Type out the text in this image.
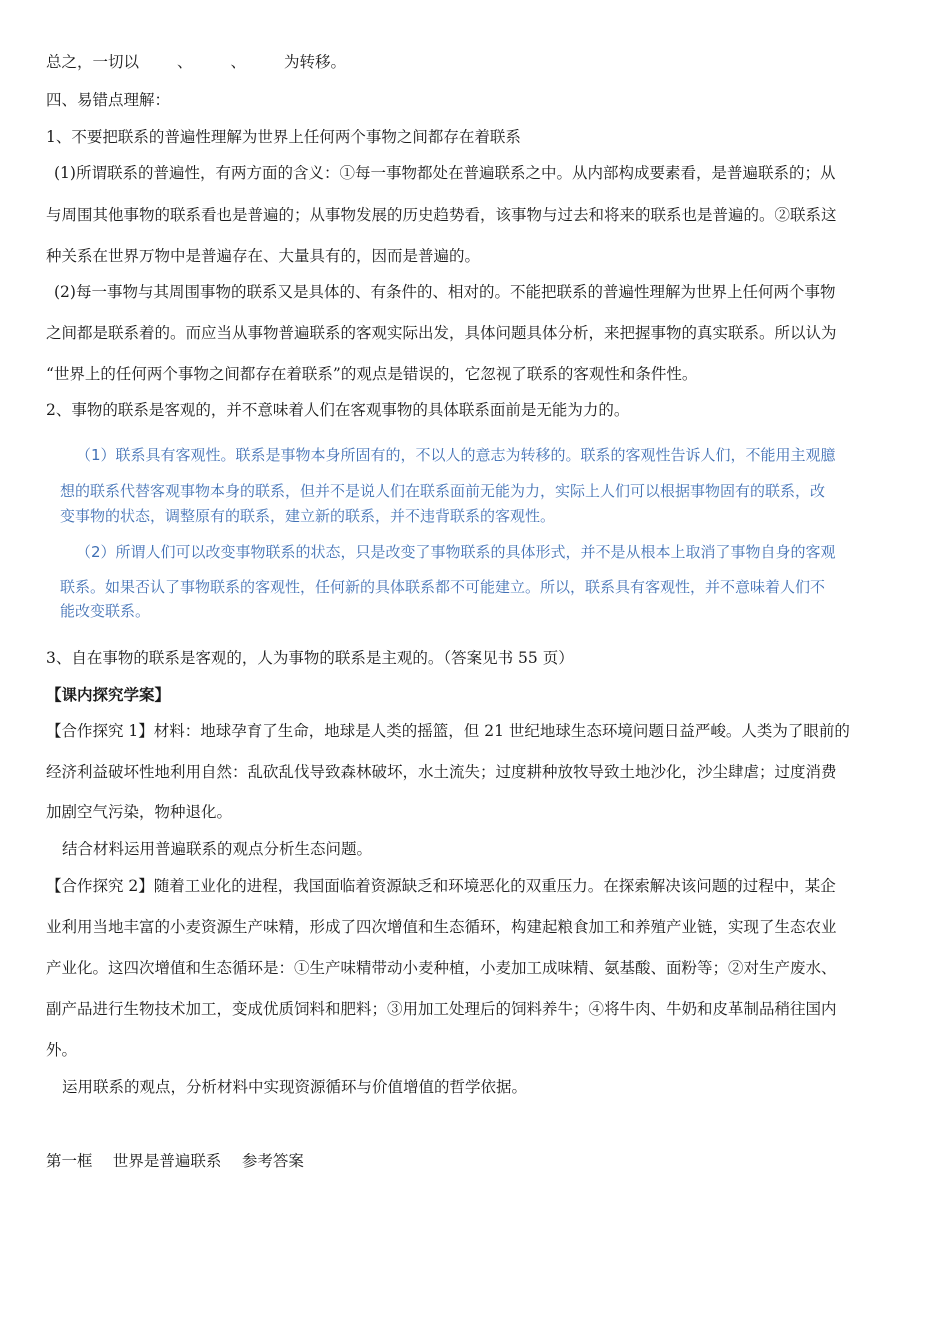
总之，一切以 、 、 为转移。
四、易错点理解：
1、不要把联系的普遍性理解为世界上任何两个事物之间都存在着联系
(1)所谓联系的普遍性，有两方面的含义：①每一事物都处在普遍联系之中。从内部构成要素看，是普遍联系的；从
与周围其他事物的联系看也是普遍的；从事物发展的历史趋势看，该事物与过去和将来的联系也是普遍的。②联系这
种关系在世界万物中是普遍存在、大量具有的，因而是普遍的。
(2)每一事物与其周围事物的联系又是具体的、有条件的、相对的。不能把联系的普遍性理解为世界上任何两个事物
之间都是联系着的。而应当从事物普遍联系的客观实际出发，具体问题具体分析，来把握事物的真实联系。所以认为
“世界上的任何两个事物之间都存在着联系”的观点是错误的，它忽视了联系的客观性和条件性。
2、事物的联系是客观的，并不意味着人们在客观事物的具体联系面前是无能为力的。
（1）联系具有客观性。联系是事物本身所固有的，不以人的意志为转移的。联系的客观性告诉人们，不能用主观臆
想的联系代替客观事物本身的联系，但并不是说人们在联系面前无能为力，实际上人们可以根据事物固有的联系，改
变事物的状态，调整原有的联系，建立新的联系，并不违背联系的客观性。
（2）所谓人们可以改变事物联系的状态，只是改变了事物联系的具体形式，并不是从根本上取消了事物自身的客观
联系。如果否认了事物联系的客观性，任何新的具体联系都不可能建立。所以，联系具有客观性，并不意味着人们不
能改变联系。
3、自在事物的联系是客观的，人为事物的联系是主观的。（答案见书 55 页）
【课内探究学案】
【合作探究 1】材料：地球孕育了生命，地球是人类的摇篮，但 21 世纪地球生态环境问题日益严峻。人类为了眼前的
经济利益破坏性地利用自然：乱砍乱伐导致森林破坏，水土流失；过度耕种放牧导致土地沙化，沙尘肆虐；过度消费
加剧空气污染，物种退化。
结合材料运用普遍联系的观点分析生态问题。
【合作探究 2】随着工业化的进程，我国面临着资源缺乏和环境恶化的双重压力。在探索解决该问题的过程中，某企
业利用当地丰富的小麦资源生产味精，形成了四次增值和生态循环，构建起粮食加工和养殖产业链，实现了生态农业
产业化。这四次增值和生态循环是：①生产味精带动小麦种植，小麦加工成味精、氨基酸、面粉等；②对生产废水、
副产品进行生物技术加工，变成优质饲料和肥料；③用加工处理后的饲料养牛；④将牛肉、牛奶和皮革制品稍往国内
外。
运用联系的观点，分析材料中实现资源循环与价值增值的哲学依据。
第一框　 世界是普遍联系　 参考答案
